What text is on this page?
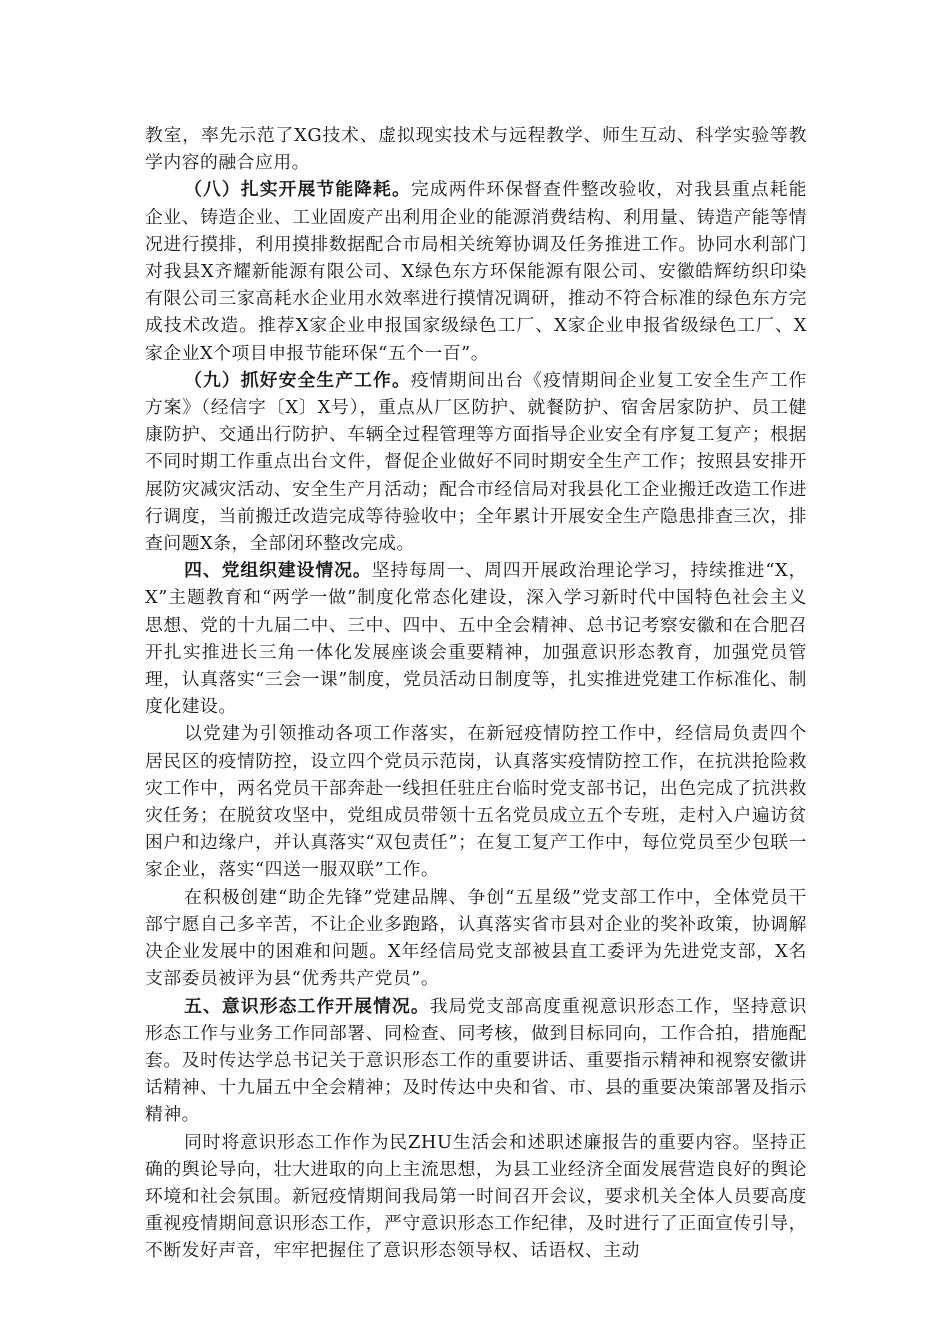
教室，率先示范了XG技术、虚拟现实技术与远程教学、师生互动、科学实验等教学内容的融合应用。

（八）扎实开展节能降耗。完成两件环保督查件整改验收，对我县重点耗能企业、铸造企业、工业固废产出利用企业的能源消费结构、利用量、铸造产能等情况进行摸排，利用摸排数据配合市局相关统筹协调及任务推进工作。协同水利部门对我县X齐耀新能源有限公司、X绿色东方环保能源有限公司、安徽皓辉纺织印染有限公司三家高耗水企业用水效率进行摸情况调研，推动不符合标准的绿色东方完成技术改造。推荐X家企业申报国家级绿色工厂、X家企业申报省级绿色工厂、X家企业X个项目申报节能环保“五个一百”。

（九）抓好安全生产工作。疫情期间出台《疫情期间企业复工安全生产工作方案》（经信字〔X〕X号），重点从厂区防护、就餐防护、宿舍居家防护、员工健康防护、交通出行防护、车辆全过程管理等方面指导企业安全有序复工复产；根据不同时期工作重点出台文件，督促企业做好不同时期安全生产工作；按照县安排开展防灾减灾活动、安全生产月活动；配合市经信局对我县化工企业搬迁改造工作进行调度，当前搬迁改造完成等待验收中；全年累计开展安全生产隐患排查三次，排查问题X条，全部闭环整改完成。

四、党组织建设情况。坚持每周一、周四开展政治理论学习，持续推进“X，X”主题教育和“两学一做”制度化常态化建设，深入学习新时代中国特色社会主义思想、党的十九届二中、三中、四中、五中全会精神、总书记考察安徽和在合肥召开扎实推进长三角一体化发展座谈会重要精神，加强意识形态教育，加强党员管理，认真落实“三会一课”制度，党员活动日制度等，扎实推进党建工作标准化、制度化建设。

以党建为引领推动各项工作落实，在新冠疫情防控工作中，经信局负责四个居民区的疫情防控，设立四个党员示范岗，认真落实疫情防控工作，在抗洪抢险救灾工作中，两名党员干部奔赴一线担任驻庄台临时党支部书记，出色完成了抗洪救灾任务；在脱贫攻坚中，党组成员带领十五名党员成立五个专班，走村入户遍访贫困户和边缘户，并认真落实“双包责任”；在复工复产工作中，每位党员至少包联一家企业，落实“四送一服双联”工作。

在积极创建“助企先锋”党建品牌、争创“五星级”党支部工作中，全体党员干部宁愿自己多辛苦，不让企业多跑路，认真落实省市县对企业的奖补政策，协调解决企业发展中的困难和问题。X年经信局党支部被县直工委评为先进党支部，X名支部委员被评为县“优秀共产党员”。

五、意识形态工作开展情况。我局党支部高度重视意识形态工作，坚持意识形态工作与业务工作同部署、同检查、同考核，做到目标同向，工作合拍，措施配套。及时传达学总书记关于意识形态工作的重要讲话、重要指示精神和视察安徽讲话精神、十九届五中全会精神；及时传达中央和省、市、县的重要决策部署及指示精神。

同时将意识形态工作作为民ZHU生活会和述职述廉报告的重要内容。坚持正确的舆论导向，壮大进取的向上主流思想，为县工业经济全面发展营造良好的舆论环境和社会氛围。新冠疫情期间我局第一时间召开会议，要求机关全体人员要高度重视疫情期间意识形态工作，严守意识形态工作纪律，及时进行了正面宣传引导，不断发好声音，牢牢把握住了意识形态领导权、话语权、主动
